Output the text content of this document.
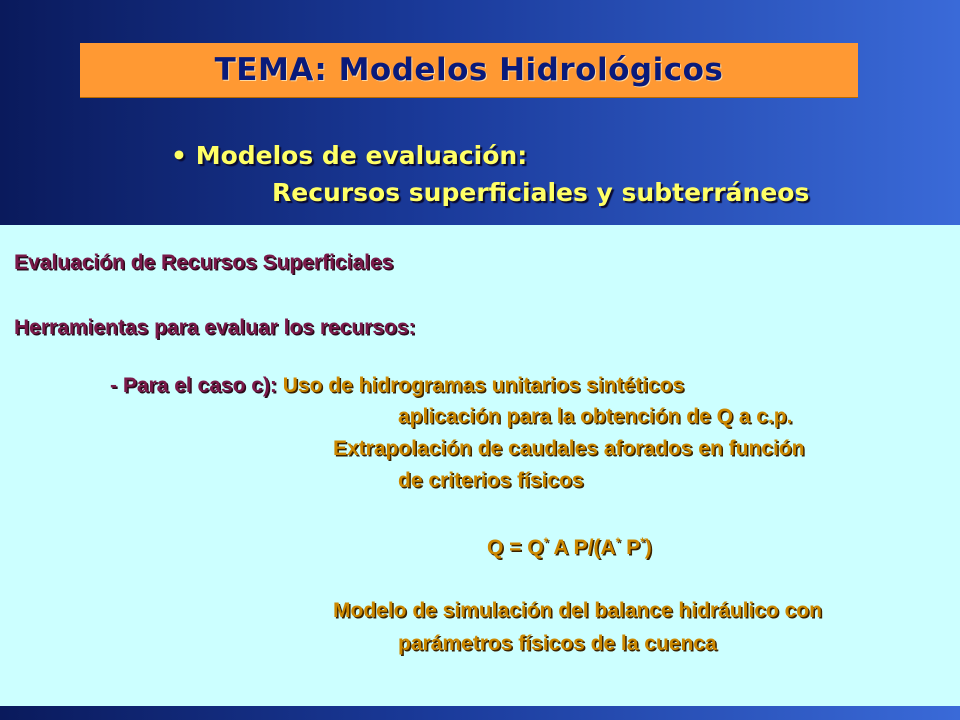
TEMA: Modelos Hidrológicos
• Modelos de evaluación:
Recursos superficiales y subterráneos
Evaluación de Recursos Superficiales
Herramientas para evaluar los recursos:
- Para el caso c): Uso de hidrogramas unitarios sintéticos
aplicación para la obtención de Q a c.p.
Extrapolación de caudales aforados en función
de criterios físicos
Q = Q* A P/(A* P*)
Modelo de simulación del balance hidráulico con
parámetros físicos de la cuenca
